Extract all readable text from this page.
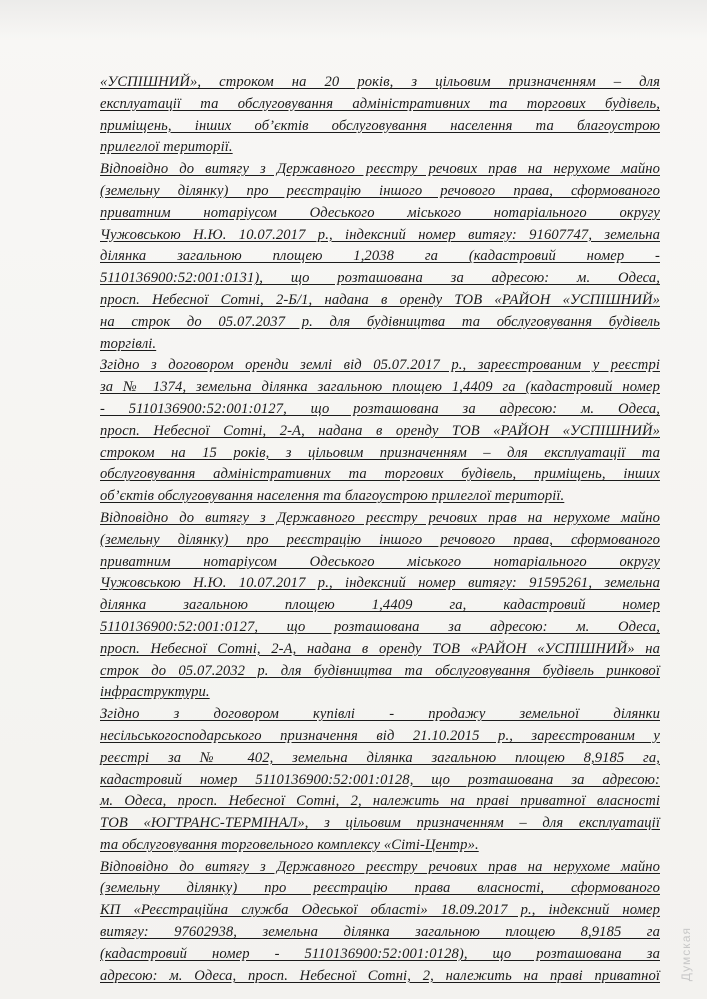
«УСПІШНИЙ», строком на 20 років, з цільовим призначенням – для
експлуатації та обслуговування адміністративних та торгових будівель,
приміщень, інших об’єктів обслуговування населення та благоустрою
прилеглої території.
Відповідно до витягу з Державного реєстру речових прав на нерухоме майно
(земельну ділянку) про реєстрацію іншого речового права, сформованого
приватним нотаріусом Одеського міського нотаріального округу
Чужовською Н.Ю. 10.07.2017 р., індексний номер витягу: 91607747, земельна
ділянка загальною площею 1,2038 га (кадастровий номер -
5110136900:52:001:0131), що розташована за адресою: м. Одеса,
просп. Небесної Сотні, 2-Б/1, надана в оренду ТОВ «РАЙОН «УСПІШНИЙ»
на строк до 05.07.2037 р. для будівництва та обслуговування будівель
торгівлі.
Згідно з договором оренди землі від 05.07.2017 р., зареєстрованим у реєстрі
за № 1374, земельна ділянка загальною площею 1,4409 га (кадастровий номер
- 5110136900:52:001:0127, що розташована за адресою: м. Одеса,
просп. Небесної Сотні, 2-А, надана в оренду ТОВ «РАЙОН «УСПІШНИЙ»
строком на 15 років, з цільовим призначенням – для експлуатації та
обслуговування адміністративних та торгових будівель, приміщень, інших
об’єктів обслуговування населення та благоустрою прилеглої території.
Відповідно до витягу з Державного реєстру речових прав на нерухоме майно
(земельну ділянку) про реєстрацію іншого речового права, сформованого
приватним нотаріусом Одеського міського нотаріального округу
Чужовською Н.Ю. 10.07.2017 р., індексний номер витягу: 91595261, земельна
ділянка загальною площею 1,4409 га, кадастровий номер
5110136900:52:001:0127, що розташована за адресою: м. Одеса,
просп. Небесної Сотні, 2-А, надана в оренду ТОВ «РАЙОН «УСПІШНИЙ» на
строк до 05.07.2032 р. для будівництва та обслуговування будівель ринкової
інфраструктури.
Згідно з договором купівлі - продажу земельної ділянки
несільськогосподарського призначення від 21.10.2015 р., зареєстрованим у
реєстрі за № 402, земельна ділянка загальною площею 8,9185 га,
кадастровий номер 5110136900:52:001:0128, що розташована за адресою:
м. Одеса, просп. Небесної Сотні, 2, належить на праві приватної власності
ТОВ «ЮГТРАНС-ТЕРМІНАЛ», з цільовим призначенням – для експлуатації
та обслуговування торговельного комплексу «Сіті-Центр».
Відповідно до витягу з Державного реєстру речових прав на нерухоме майно
(земельну ділянку) про реєстрацію права власності, сформованого
КП «Реєстраційна служба Одеської області» 18.09.2017 р., індексний номер
витягу: 97602938, земельна ділянка загальною площею 8,9185 га
(кадастровий номер - 5110136900:52:001:0128), що розташована за
адресою: м. Одеса, просп. Небесної Сотні, 2, належить на праві приватної Думская
